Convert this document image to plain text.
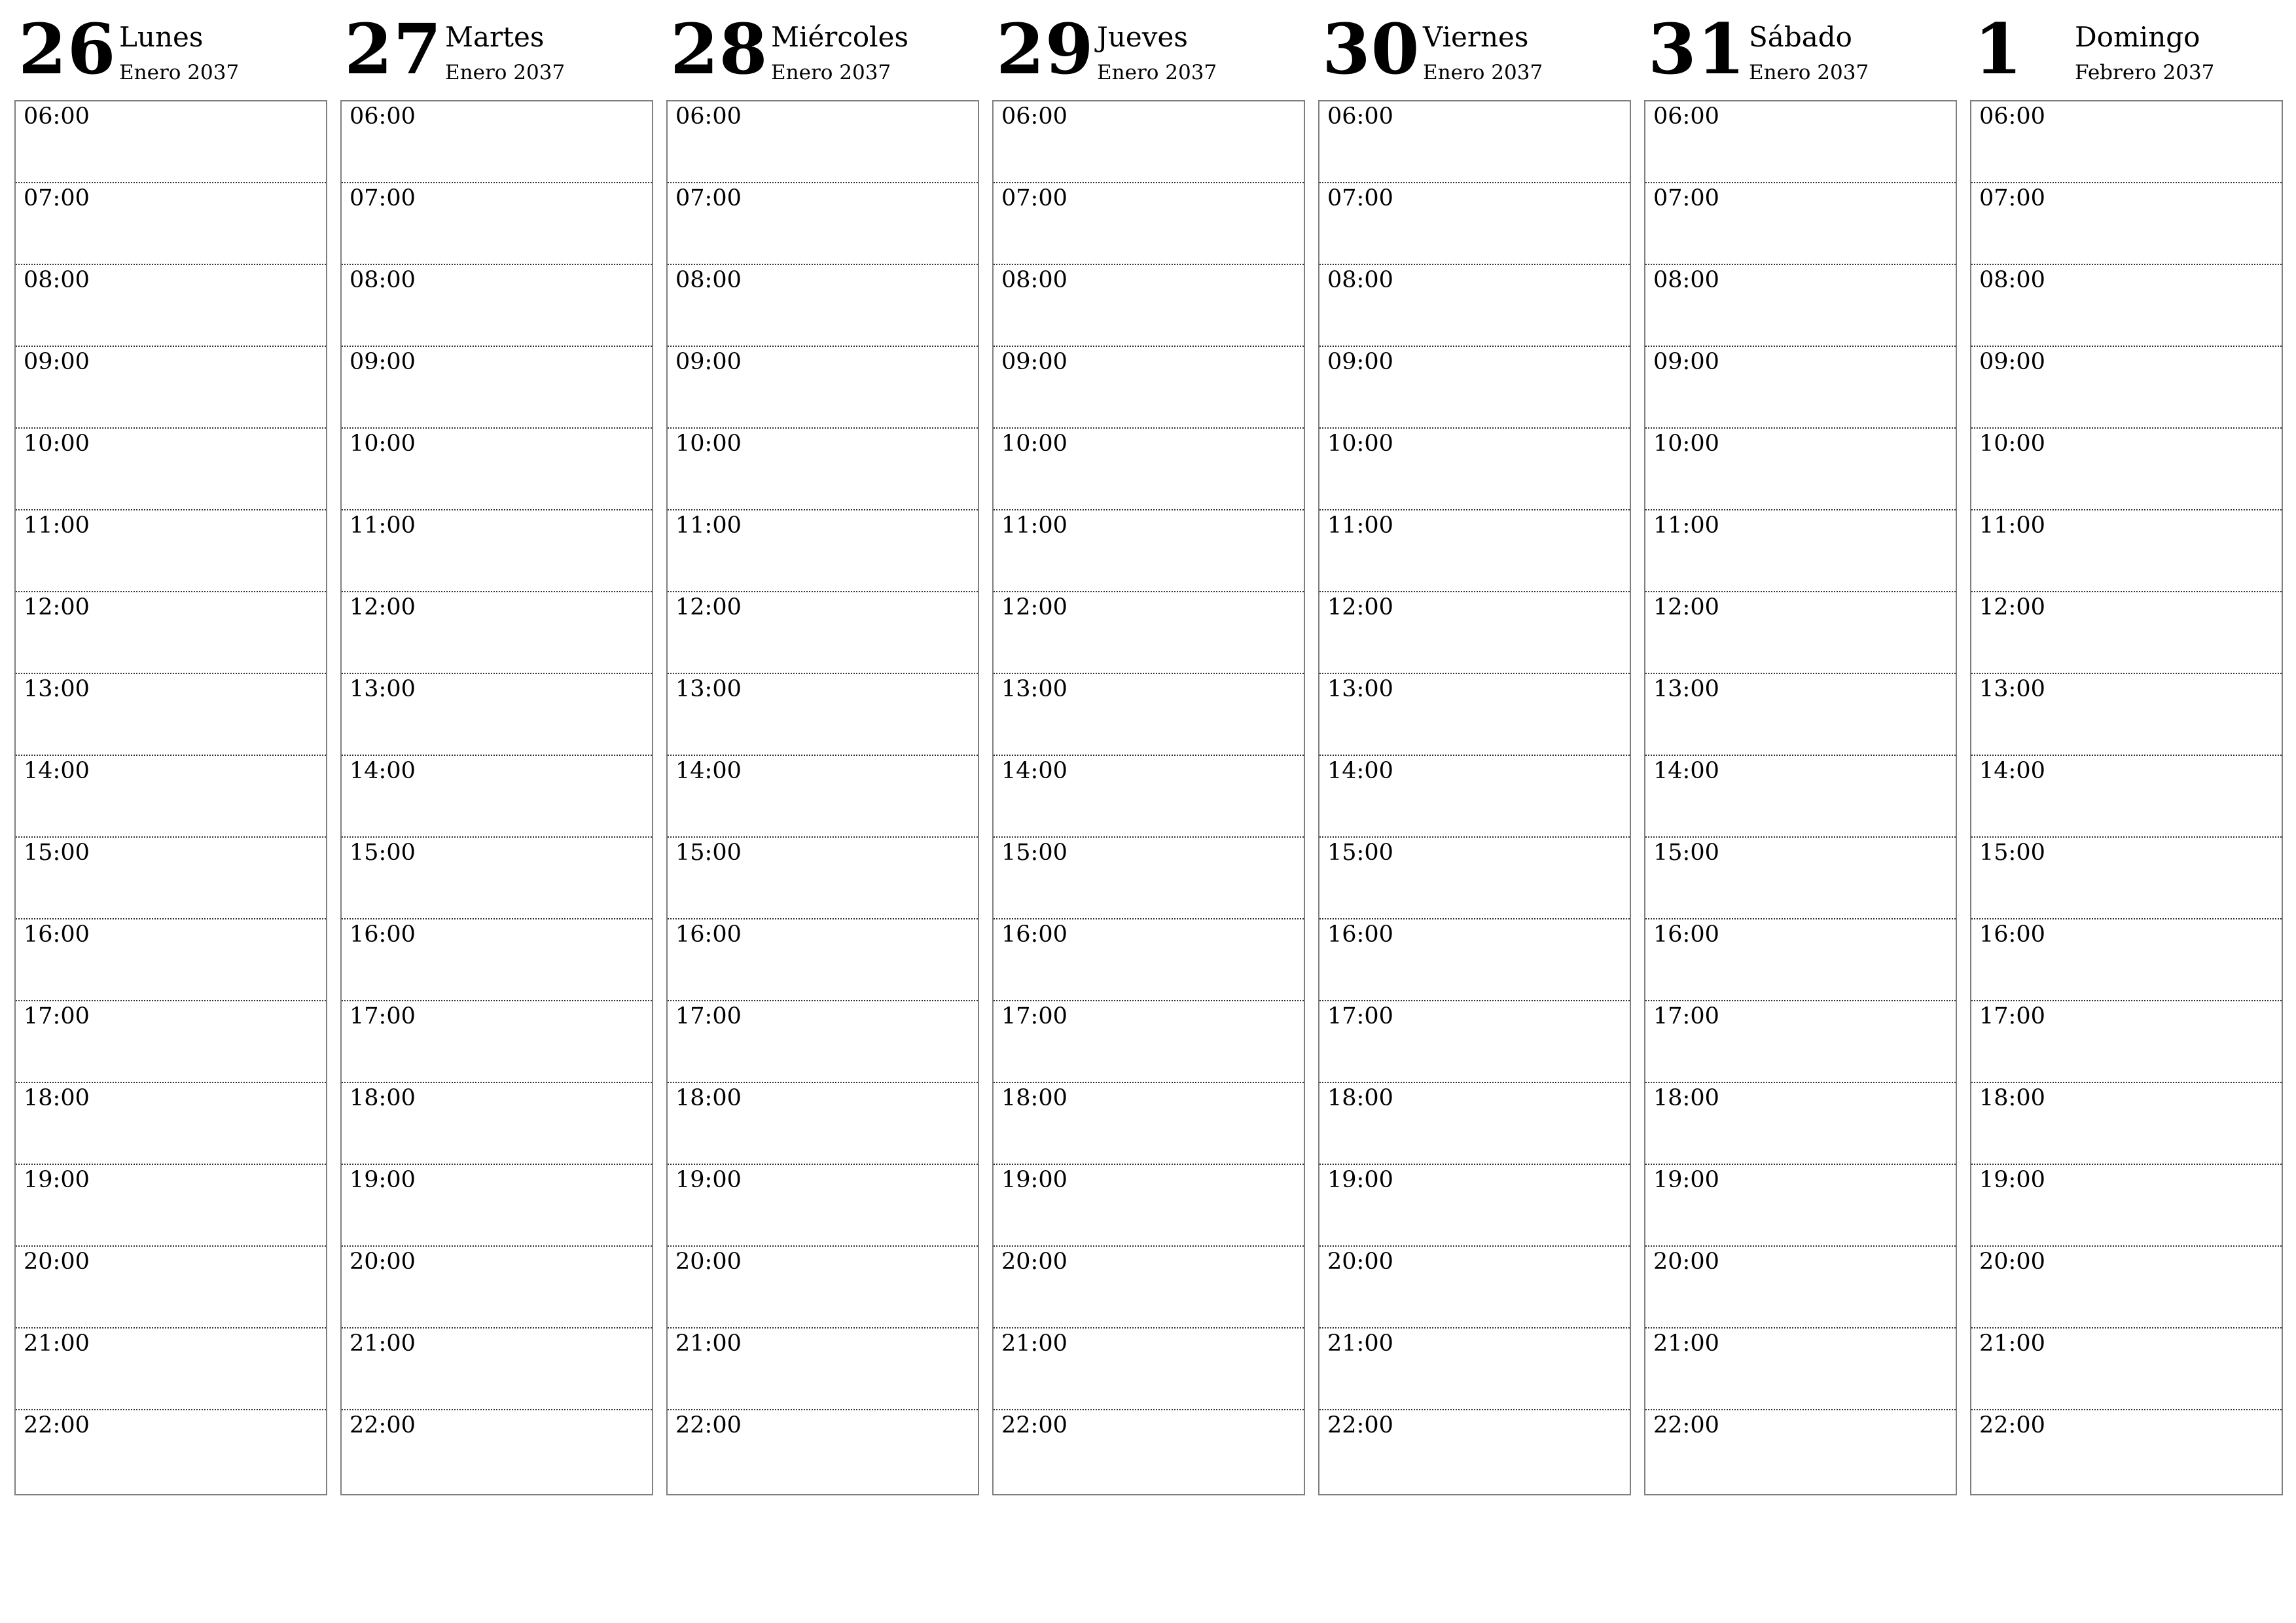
26 Lunes
Enero 2037
06:00
07:00
08:00
09:00
10:00
11:00
12:00
13:00
14:00
15:00
16:00
17:00
18:00
19:00
20:00
21:00
22:00
27 Martes
Enero 2037
06:00
07:00
08:00
09:00
10:00
11:00
12:00
13:00
14:00
15:00
16:00
17:00
18:00
19:00
20:00
21:00
22:00
28 Miércoles
Enero 2037
06:00
07:00
08:00
09:00
10:00
11:00
12:00
13:00
14:00
15:00
16:00
17:00
18:00
19:00
20:00
21:00
22:00
29 Jueves
Enero 2037
06:00
07:00
08:00
09:00
10:00
11:00
12:00
13:00
14:00
15:00
16:00
17:00
18:00
19:00
20:00
21:00
22:00
30 Viernes
Enero 2037
06:00
07:00
08:00
09:00
10:00
11:00
12:00
13:00
14:00
15:00
16:00
17:00
18:00
19:00
20:00
21:00
22:00
31 Sábado
Enero 2037
06:00
07:00
08:00
09:00
10:00
11:00
12:00
13:00
14:00
15:00
16:00
17:00
18:00
19:00
20:00
21:00
22:00
1 Domingo
Febrero 2037
06:00
07:00
08:00
09:00
10:00
11:00
12:00
13:00
14:00
15:00
16:00
17:00
18:00
19:00
20:00
21:00
22:00
